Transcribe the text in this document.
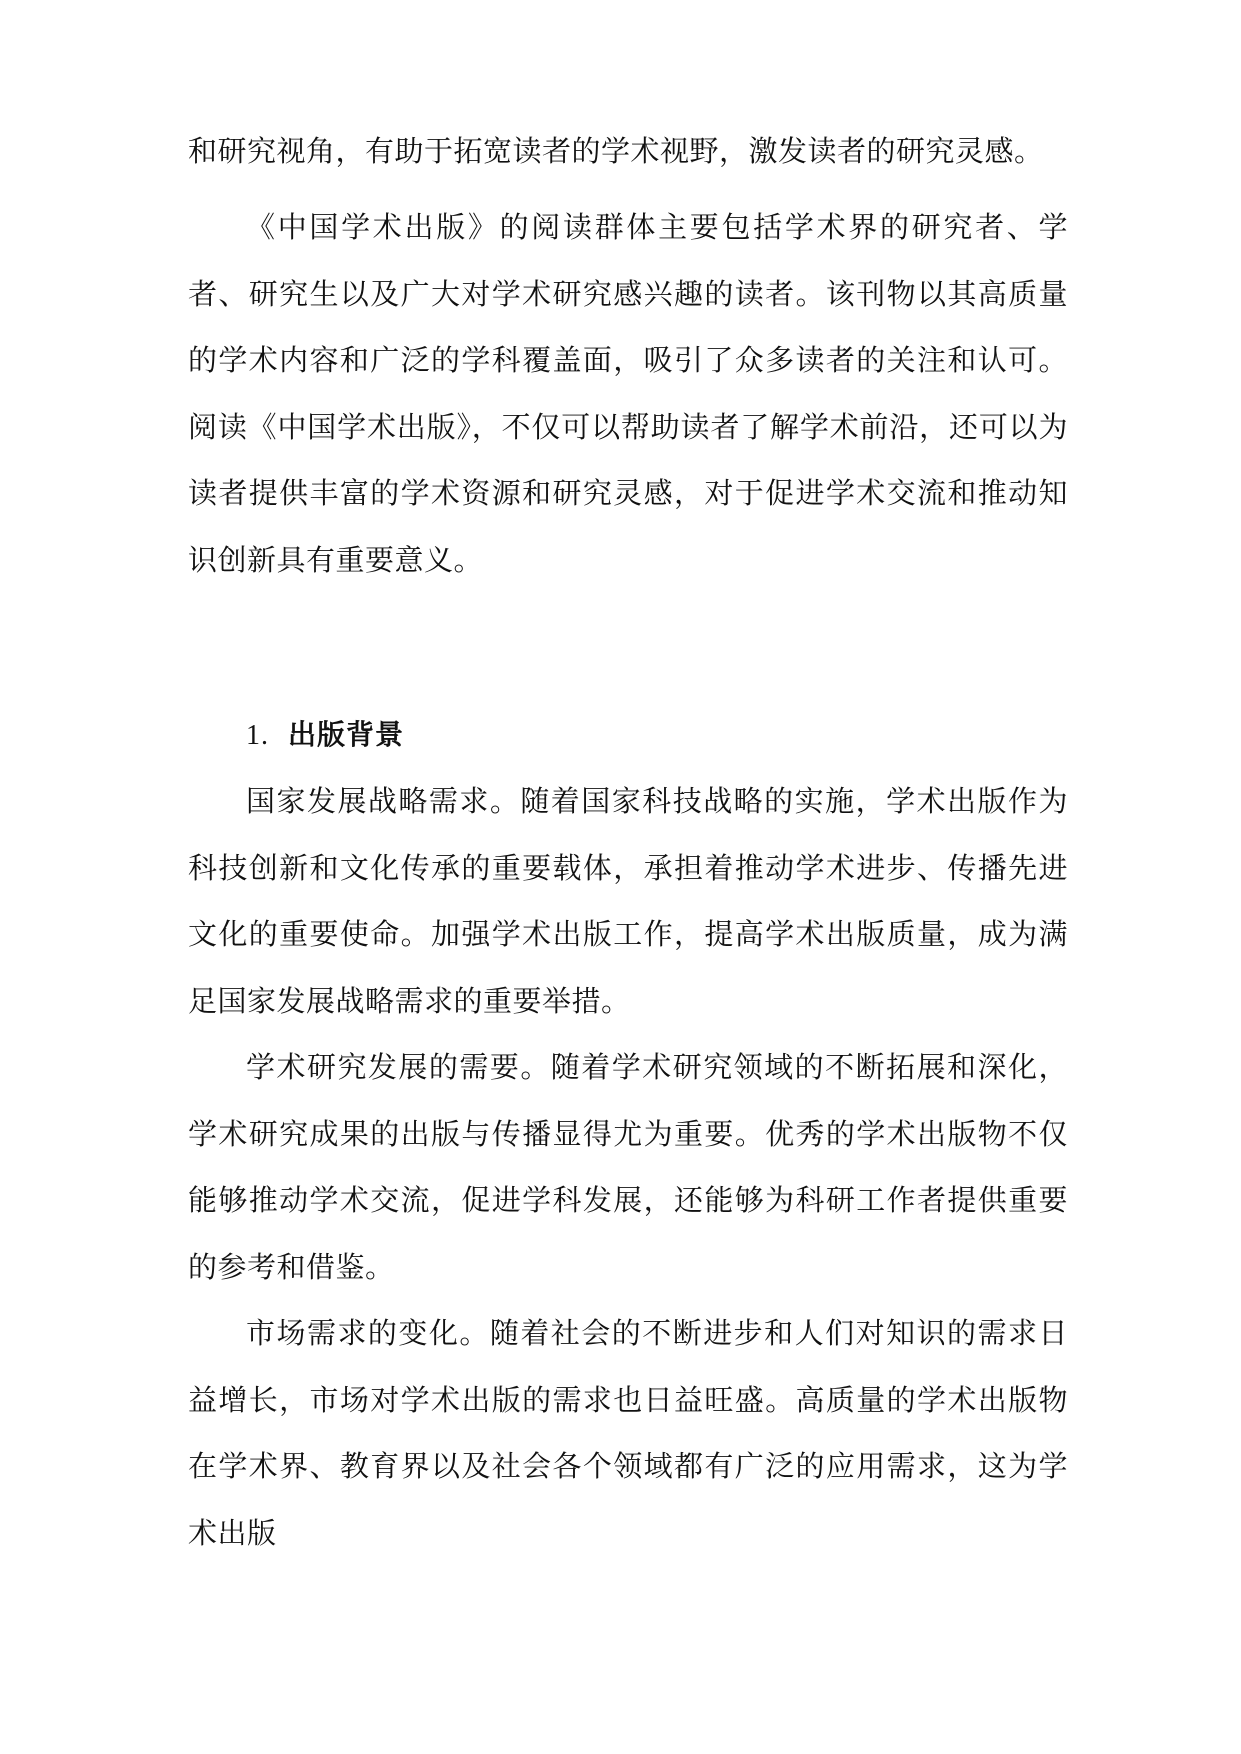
和研究视角，有助于拓宽读者的学术视野，激发读者的研究灵感。

《中国学术出版》的阅读群体主要包括学术界的研究者、学者、研究生以及广大对学术研究感兴趣的读者。该刊物以其高质量的学术内容和广泛的学科覆盖面，吸引了众多读者的关注和认可。阅读《中国学术出版》，不仅可以帮助读者了解学术前沿，还可以为读者提供丰富的学术资源和研究灵感，对于促进学术交流和推动知识创新具有重要意义。

1. 出版背景

国家发展战略需求。随着国家科技战略的实施，学术出版作为科技创新和文化传承的重要载体，承担着推动学术进步、传播先进文化的重要使命。加强学术出版工作，提高学术出版质量，成为满足国家发展战略需求的重要举措。

学术研究发展的需要。随着学术研究领域的不断拓展和深化，学术研究成果的出版与传播显得尤为重要。优秀的学术出版物不仅能够推动学术交流，促进学科发展，还能够为科研工作者提供重要的参考和借鉴。

市场需求的变化。随着社会的不断进步和人们对知识的需求日益增长，市场对学术出版的需求也日益旺盛。高质量的学术出版物在学术界、教育界以及社会各个领域都有广泛的应用需求，这为学术出版
